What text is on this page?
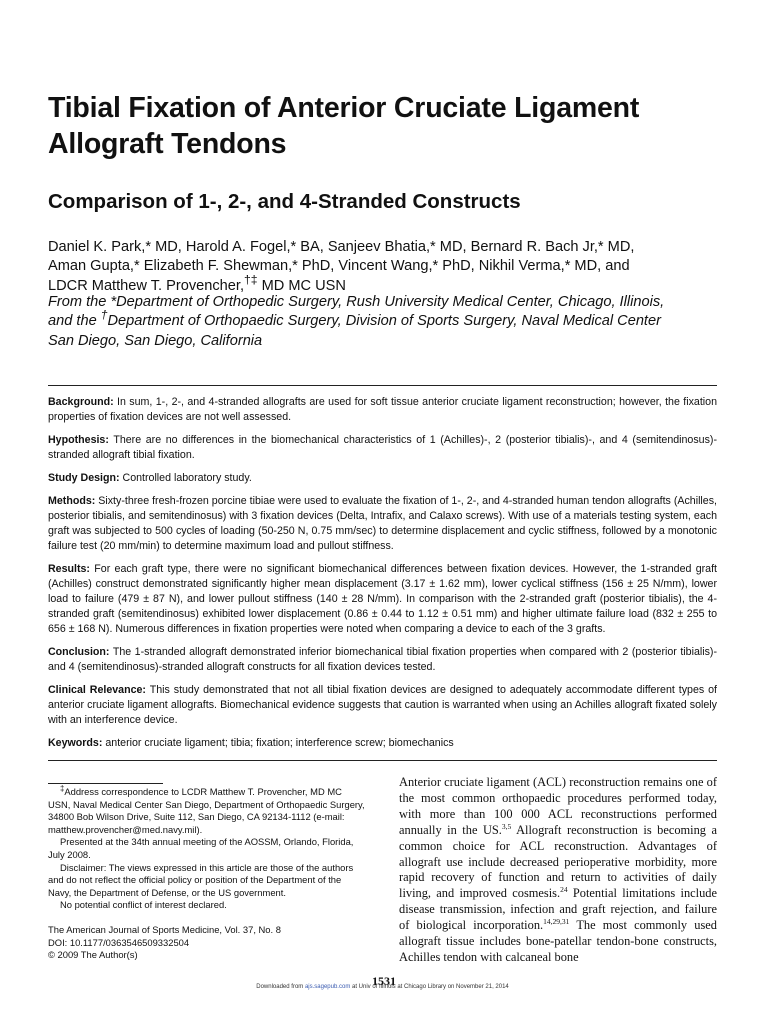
Tibial Fixation of Anterior Cruciate Ligament
Allograft Tendons
Comparison of 1-, 2-, and 4-Stranded Constructs
Daniel K. Park,* MD, Harold A. Fogel,* BA, Sanjeev Bhatia,* MD, Bernard R. Bach Jr,* MD,
Aman Gupta,* Elizabeth F. Shewman,* PhD, Vincent Wang,* PhD, Nikhil Verma,* MD, and
LDCR Matthew T. Provencher,†‡ MD MC USN
From the *Department of Orthopedic Surgery, Rush University Medical Center, Chicago, Illinois,
and the †Department of Orthopaedic Surgery, Division of Sports Surgery, Naval Medical Center
San Diego, San Diego, California

Background: In sum, 1-, 2-, and 4-stranded allografts are used for soft tissue anterior cruciate ligament reconstruction; however, the fixation properties of fixation devices are not well assessed.

Hypothesis: There are no differences in the biomechanical characteristics of 1 (Achilles)-, 2 (posterior tibialis)-, and 4 (semitendinosus)-stranded allograft tibial fixation.

Study Design: Controlled laboratory study.

Methods: Sixty-three fresh-frozen porcine tibiae were used to evaluate the fixation of 1-, 2-, and 4-stranded human tendon allografts (Achilles, posterior tibialis, and semitendinosus) with 3 fixation devices (Delta, Intrafix, and Calaxo screws). With use of a materials testing system, each graft was subjected to 500 cycles of loading (50-250 N, 0.75 mm/sec) to determine displacement and cyclic stiffness, followed by a monotonic failure test (20 mm/min) to determine maximum load and pullout stiffness.

Results: For each graft type, there were no significant biomechanical differences between fixation devices. However, the 1-stranded graft (Achilles) construct demonstrated significantly higher mean displacement (3.17 ± 1.62 mm), lower cyclical stiffness (156 ± 25 N/mm), lower load to failure (479 ± 87 N), and lower pullout stiffness (140 ± 28 N/mm). In comparison with the 2-stranded graft (posterior tibialis), the 4-stranded graft (semitendinosus) exhibited lower displacement (0.86 ± 0.44 to 1.12 ± 0.51 mm) and higher ultimate failure load (832 ± 255 to 656 ± 168 N). Numerous differences in fixation properties were noted when comparing a device to each of the 3 grafts.

Conclusion: The 1-stranded allograft demonstrated inferior biomechanical tibial fixation properties when compared with 2 (posterior tibialis)- and 4 (semitendinosus)-stranded allograft constructs for all fixation devices tested.

Clinical Relevance: This study demonstrated that not all tibial fixation devices are designed to adequately accommodate different types of anterior cruciate ligament allografts. Biomechanical evidence suggests that caution is warranted when using an Achilles allograft fixated solely with an interference device.

Keywords: anterior cruciate ligament; tibia; fixation; interference screw; biomechanics

‡Address correspondence to LCDR Matthew T. Provencher, MD MC USN, Naval Medical Center San Diego, Department of Orthopaedic Surgery, 34800 Bob Wilson Drive, Suite 112, San Diego, CA 92134-1112 (e-mail: matthew.provencher@med.navy.mil).

Presented at the 34th annual meeting of the AOSSM, Orlando, Florida, July 2008.

Disclaimer: The views expressed in this article are those of the authors and do not reflect the official policy or position of the Department of the Navy, the Department of Defense, or the US government.

No potential conflict of interest declared.

The American Journal of Sports Medicine, Vol. 37, No. 8

DOI: 10.1177/0363546509332504

© 2009 The Author(s)

Anterior cruciate ligament (ACL) reconstruction remains one of the most common orthopaedic procedures performed today, with more than 100 000 ACL reconstructions performed annually in the US.$^{3,5}$ Allograft reconstruction is becoming a common choice for ACL reconstruction. Advantages of allograft use include decreased perioperative morbidity, more rapid recovery of function and return to activities of daily living, and improved cosmesis.$^{24}$ Potential limitations include disease transmission, infection and graft rejection, and failure of biological incorporation.$^{14,29,31}$ The most commonly used allograft tissue includes bone-patellar tendon-bone constructs, Achilles tendon with calcaneal bone
1531
Downloaded from ajs.sagepub.com at Univ of Illinois at Chicago Library on November 21, 2014
